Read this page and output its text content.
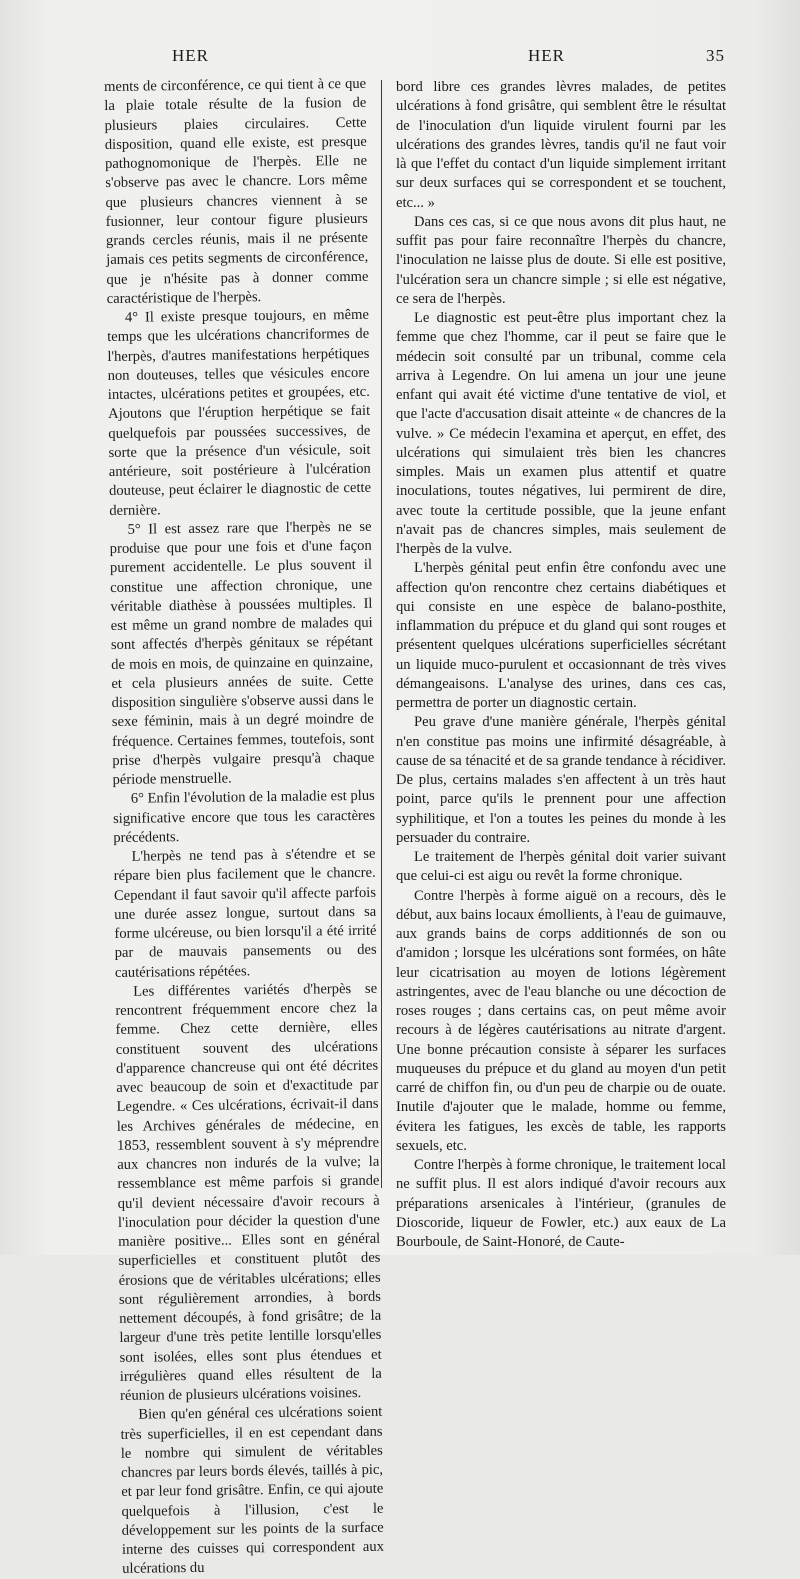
HER	HER	35

ments de circonférence, ce qui tient à ce que la plaie totale résulte de la fusion de plusieurs plaies circulaires. Cette disposition, quand elle existe, est presque pathognomonique de l'herpès. Elle ne s'observe pas avec le chancre. Lors même que plusieurs chancres viennent à se fusionner, leur contour figure plusieurs grands cercles réunis, mais il ne présente jamais ces petits segments de circonférence, que je n'hésite pas à donner comme caractéristique de l'herpès.

4° Il existe presque toujours, en même temps que les ulcérations chancriformes de l'herpès, d'autres manifestations herpétiques non douteuses, telles que vésicules encore intactes, ulcérations petites et groupées, etc. Ajoutons que l'éruption herpétique se fait quelquefois par poussées successives, de sorte que la présence d'un vésicule, soit antérieure, soit postérieure à l'ulcération douteuse, peut éclairer le diagnostic de cette dernière.

5° Il est assez rare que l'herpès ne se produise que pour une fois et d'une façon purement accidentelle. Le plus souvent il constitue une affection chronique, une véritable diathèse à poussées multiples. Il est même un grand nombre de malades qui sont affectés d'herpès génitaux se répétant de mois en mois, de quinzaine en quinzaine, et cela plusieurs années de suite. Cette disposition singulière s'observe aussi dans le sexe féminin, mais à un degré moindre de fréquence. Certaines femmes, toutefois, sont prise d'herpès vulgaire presqu'à chaque période menstruelle.

6° Enfin l'évolution de la maladie est plus significative encore que tous les caractères précédents.

L'herpès ne tend pas à s'étendre et se répare bien plus facilement que le chancre. Cependant il faut savoir qu'il affecte parfois une durée assez longue, surtout dans sa forme ulcéreuse, ou bien lorsqu'il a été irrité par de mauvais pansements ou des cautérisations répétées.

Les différentes variétés d'herpès se rencontrent fréquemment encore chez la femme. Chez cette dernière, elles constituent souvent des ulcérations d'apparence chancreuse qui ont été décrites avec beaucoup de soin et d'exactitude par Legendre. « Ces ulcérations, écrivait-il dans les Archives générales de médecine, en 1853, ressemblent souvent à s'y méprendre aux chancres non indurés de la vulve; la ressemblance est même parfois si grande qu'il devient nécessaire d'avoir recours à l'inoculation pour décider la question d'une manière positive... Elles sont en général superficielles et constituent plutôt des érosions que de véritables ulcérations; elles sont régulièrement arrondies, à bords nettement découpés, à fond grisâtre; de la largeur d'une très petite lentille lorsqu'elles sont isolées, elles sont plus étendues et irrégulières quand elles résultent de la réunion de plusieurs ulcérations voisines.

Bien qu'en général ces ulcérations soient très superficielles, il en est cependant dans le nombre qui simulent de véritables chancres par leurs bords élevés, taillés à pic, et par leur fond grisâtre. Enfin, ce qui ajoute quelquefois à l'illusion, c'est le développement sur les points de la surface interne des cuisses qui correspondent aux ulcérations du

bord libre ces grandes lèvres malades, de petites ulcérations à fond grisâtre, qui semblent être le résultat de l'inoculation d'un liquide virulent fourni par les ulcérations des grandes lèvres, tandis qu'il ne faut voir là que l'effet du contact d'un liquide simplement irritant sur deux surfaces qui se correspondent et se touchent, etc... »

Dans ces cas, si ce que nous avons dit plus haut, ne suffit pas pour faire reconnaître l'herpès du chancre, l'inoculation ne laisse plus de doute. Si elle est positive, l'ulcération sera un chancre simple ; si elle est négative, ce sera de l'herpès.

Le diagnostic est peut-être plus important chez la femme que chez l'homme, car il peut se faire que le médecin soit consulté par un tribunal, comme cela arriva à Legendre. On lui amena un jour une jeune enfant qui avait été victime d'une tentative de viol, et que l'acte d'accusation disait atteinte « de chancres de la vulve. » Ce médecin l'examina et aperçut, en effet, des ulcérations qui simulaient très bien les chancres simples. Mais un examen plus attentif et quatre inoculations, toutes négatives, lui permirent de dire, avec toute la certitude possible, que la jeune enfant n'avait pas de chancres simples, mais seulement de l'herpès de la vulve.

L'herpès génital peut enfin être confondu avec une affection qu'on rencontre chez certains diabétiques et qui consiste en une espèce de balano-posthite, inflammation du prépuce et du gland qui sont rouges et présentent quelques ulcérations superficielles sécrétant un liquide muco-purulent et occasionnant de très vives démangeaisons. L'analyse des urines, dans ces cas, permettra de porter un diagnostic certain.

Peu grave d'une manière générale, l'herpès génital n'en constitue pas moins une infirmité désagréable, à cause de sa ténacité et de sa grande tendance à récidiver. De plus, certains malades s'en affectent à un très haut point, parce qu'ils le prennent pour une affection syphilitique, et l'on a toutes les peines du monde à les persuader du contraire.

Le traitement de l'herpès génital doit varier suivant que celui-ci est aigu ou revêt la forme chronique.

Contre l'herpès à forme aiguë on a recours, dès le début, aux bains locaux émollients, à l'eau de guimauve, aux grands bains de corps additionnés de son ou d'amidon ; lorsque les ulcérations sont formées, on hâte leur cicatrisation au moyen de lotions légèrement astringentes, avec de l'eau blanche ou une décoction de roses rouges ; dans certains cas, on peut même avoir recours à de légères cautérisations au nitrate d'argent. Une bonne précaution consiste à séparer les surfaces muqueuses du prépuce et du gland au moyen d'un petit carré de chiffon fin, ou d'un peu de charpie ou de ouate. Inutile d'ajouter que le malade, homme ou femme, évitera les fatigues, les excès de table, les rapports sexuels, etc.

Contre l'herpès à forme chronique, le traitement local ne suffit plus. Il est alors indiqué d'avoir recours aux préparations arsenicales à l'intérieur, (granules de Dioscoride, liqueur de Fowler, etc.) aux eaux de La Bourboule, de Saint-Honoré, de Caute-
